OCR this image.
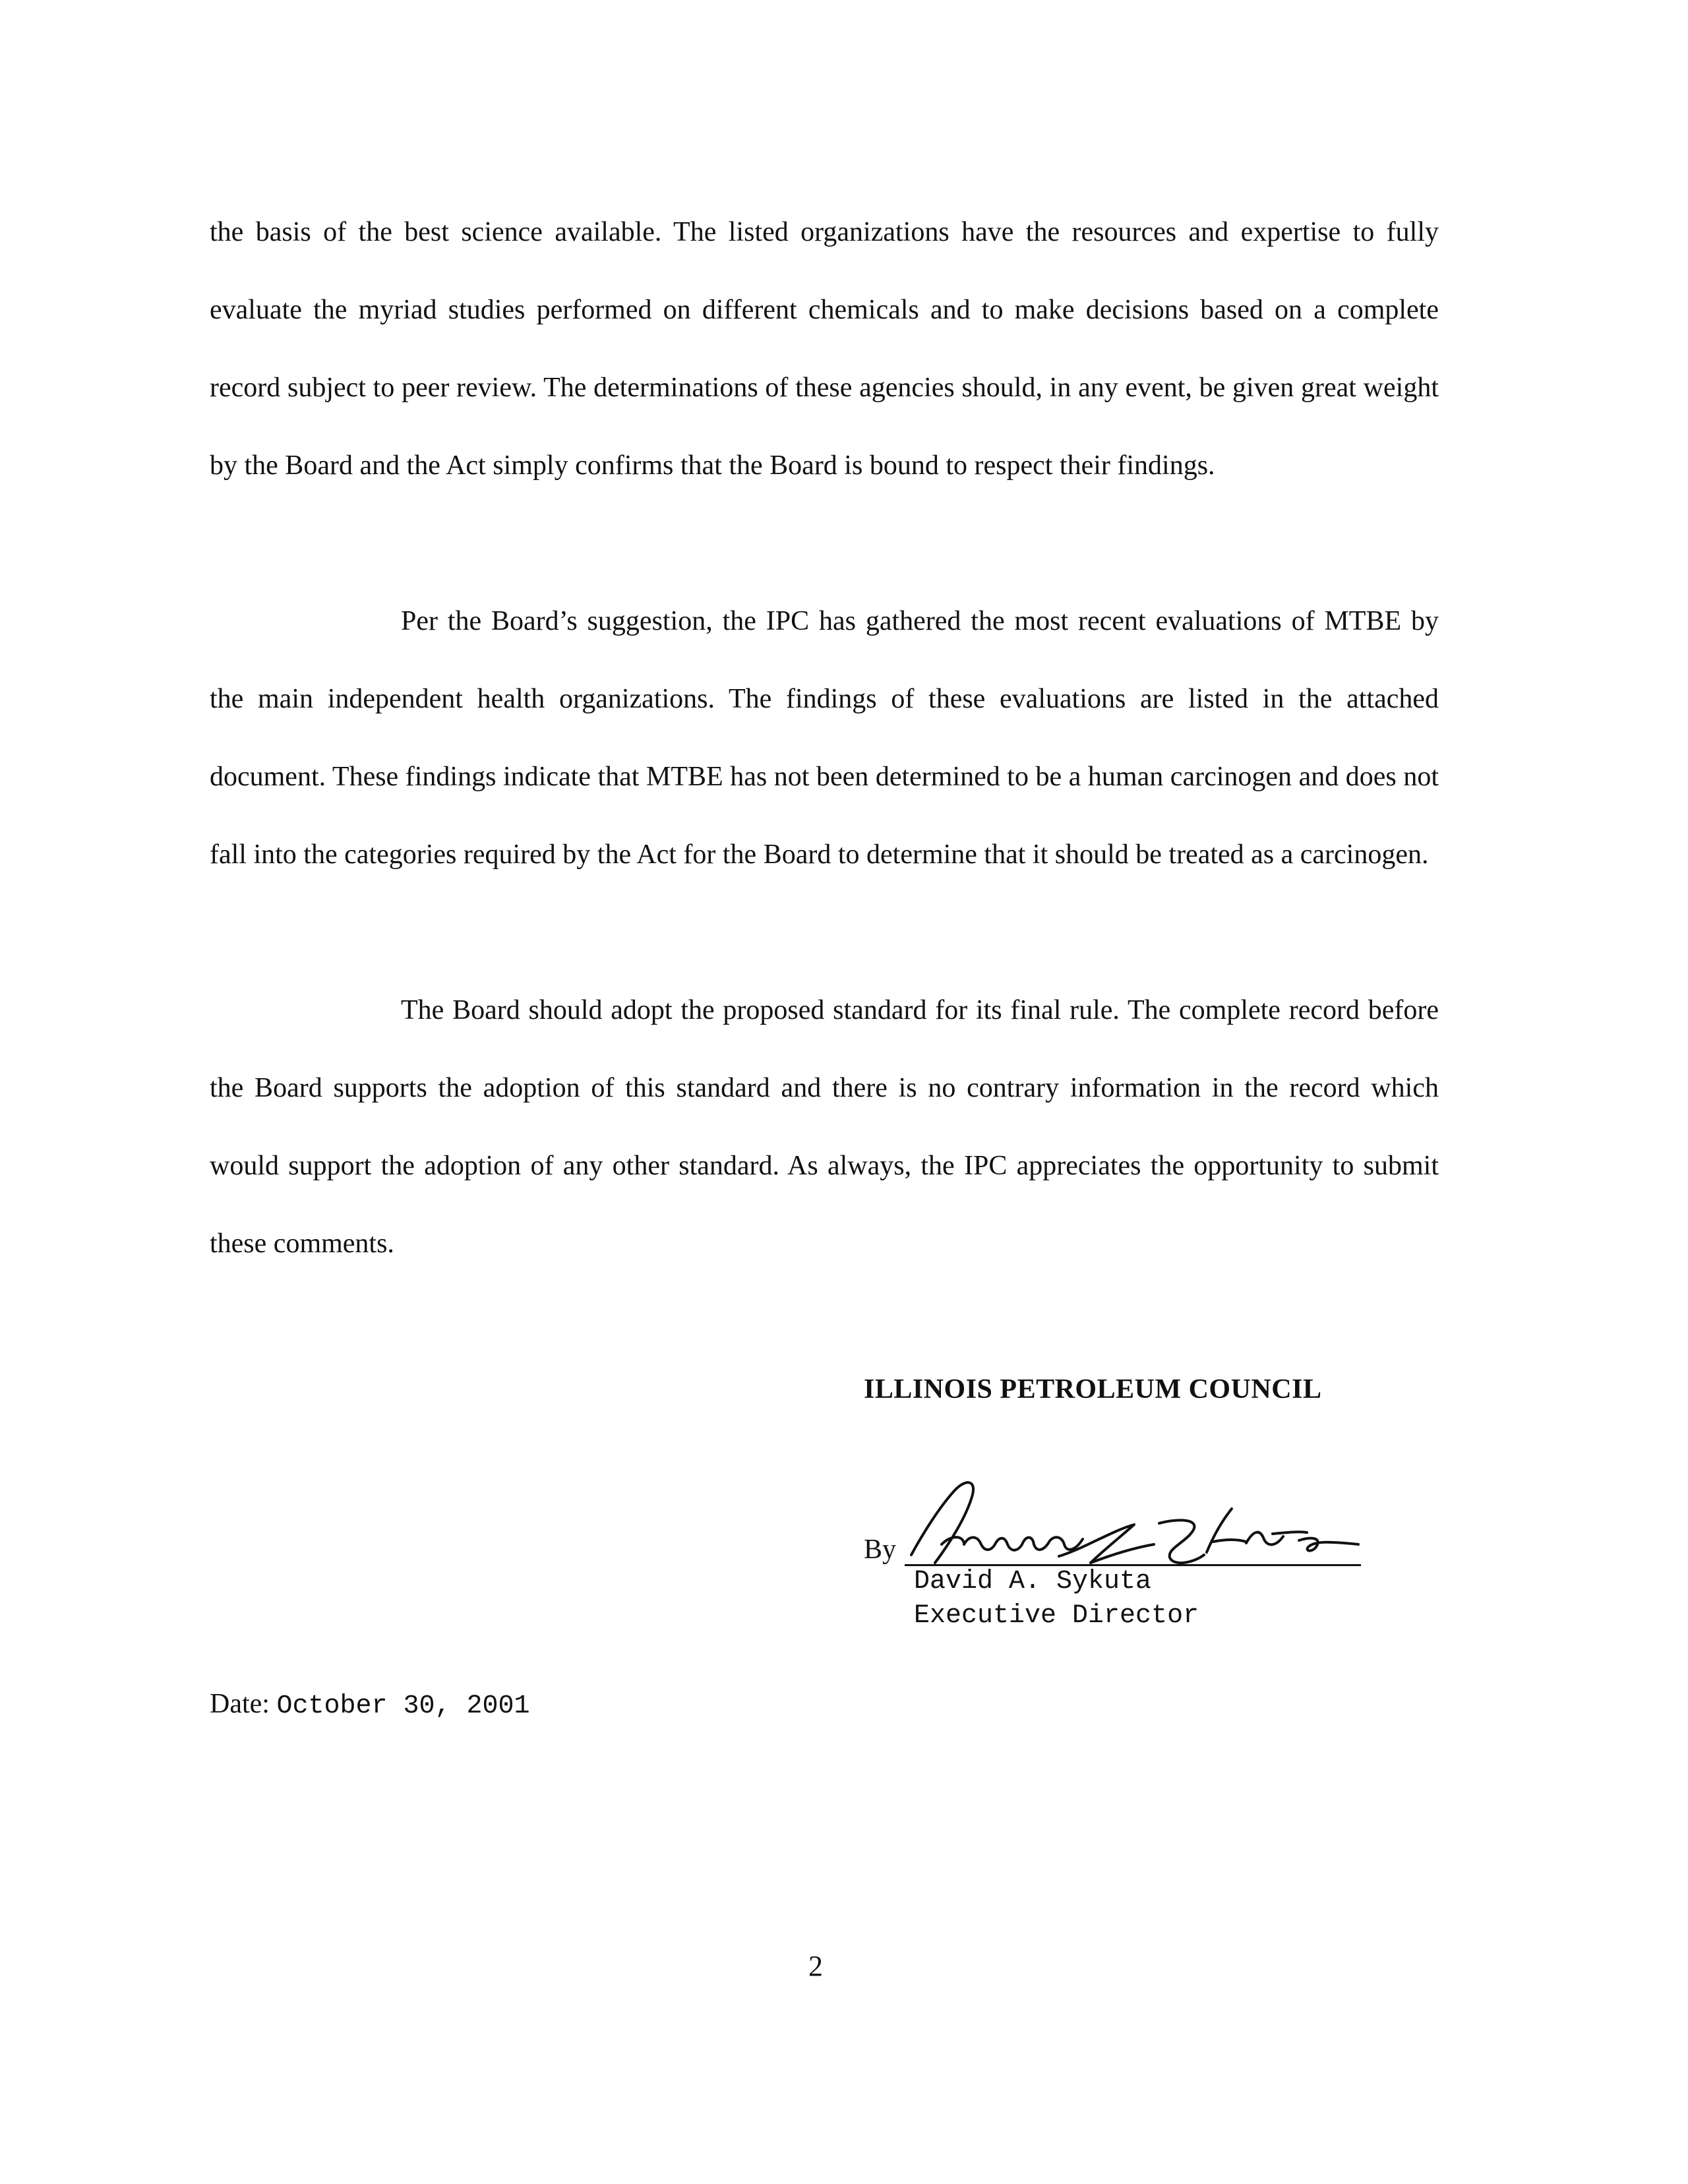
the basis of the best science available. The listed organizations have the resources and expertise to fully evaluate the myriad studies performed on different chemicals and to make decisions based on a complete record subject to peer review. The determinations of these agencies should, in any event, be given great weight by the Board and the Act simply confirms that the Board is bound to respect their findings.

Per the Board’s suggestion, the IPC has gathered the most recent evaluations of MTBE by the main independent health organizations. The findings of these evaluations are listed in the attached document. These findings indicate that MTBE has not been determined to be a human carcinogen and does not fall into the categories required by the Act for the Board to determine that it should be treated as a carcinogen.

The Board should adopt the proposed standard for its final rule. The complete record before the Board supports the adoption of this standard and there is no contrary information in the record which would support the adoption of any other standard. As always, the IPC appreciates the opportunity to submit these comments.

ILLINOIS PETROLEUM COUNCIL
By
David A. Sykuta
Executive Director
Date: October 30, 2001
2
